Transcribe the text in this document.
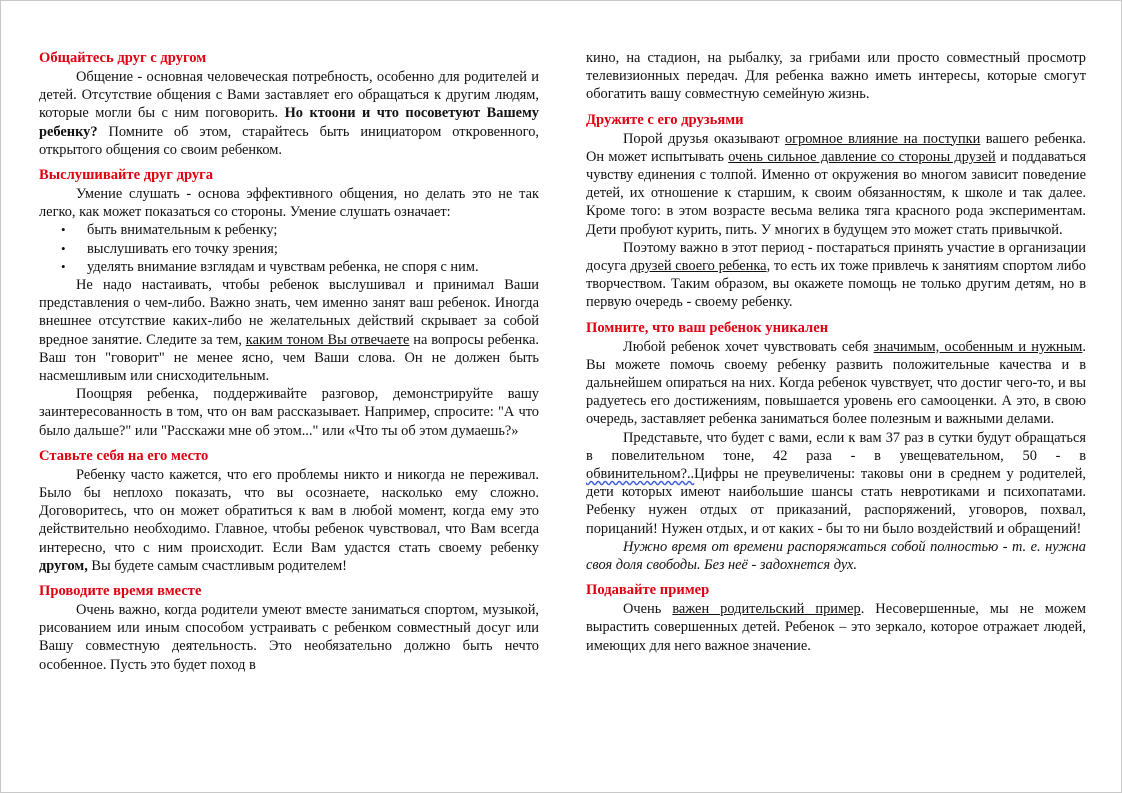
Общайтесь друг с другом

Общение - основная человеческая потребность, особенно для родителей и детей. Отсутствие общения с Вами заставляет его обращаться к другим людям, которые могли бы с ним поговорить. Но ктоони и что посоветуют Вашему ребенку? Помните об этом, старайтесь быть инициатором откровенного, открытого общения со своим ребенком.

Выслушивайте друг друга

Умение слушать - основа эффективного общения, но делать это не так легко, как может показаться со стороны. Умение слушать означает:

• быть внимательным к ребенку;
• выслушивать его точку зрения;
• уделять внимание взглядам и чувствам ребенка, не споря с ним.

Не надо настаивать, чтобы ребенок выслушивал и принимал Ваши представления о чем-либо. Важно знать, чем именно занят ваш ребенок. Иногда внешнее отсутствие каких-либо не желательных действий скрывает за собой вредное занятие. Следите за тем, каким тоном Вы отвечаете на вопросы ребенка. Ваш тон "говорит" не менее ясно, чем Ваши слова. Он не должен быть насмешливым или снисходительным.

Поощряя ребенка, поддерживайте разговор, демонстрируйте вашу заинтересованность в том, что он вам рассказывает. Например, спросите: "А что было дальше?" или "Расскажи мне об этом..." или «Что ты об этом думаешь?»

Ставьте себя на его место

Ребенку часто кажется, что его проблемы никто и никогда не переживал. Было бы неплохо показать, что вы осознаете, насколько ему сложно. Договоритесь, что он может обратиться к вам в любой момент, когда ему это действительно необходимо. Главное, чтобы ребенок чувствовал, что Вам всегда интересно, что с ним происходит. Если Вам удастся стать своему ребенку другом, Вы будете самым счастливым родителем!

Проводите время вместе

Очень важно, когда родители умеют вместе заниматься спортом, музыкой, рисованием или иным способом устраивать с ребенком совместный досуг или Вашу совместную деятельность. Это необязательно должно быть нечто особенное. Пусть это будет поход в

кино, на стадион, на рыбалку, за грибами или просто совместный просмотр телевизионных передач. Для ребенка важно иметь интересы, которые смогут обогатить вашу совместную семейную жизнь.

Дружите с его друзьями

Порой друзья оказывают огромное влияние на поступки вашего ребенка. Он может испытывать очень сильное давление со стороны друзей и поддаваться чувству единения с толпой. Именно от окружения во многом зависит поведение детей, их отношение к старшим, к своим обязанностям, к школе и так далее. Кроме того: в этом возрасте весьма велика тяга красного рода экспериментам. Дети пробуют курить, пить. У многих в будущем это может стать привычкой.

Поэтому важно в этот период - постараться принять участие в организации досуга друзей своего ребенка, то есть их тоже привлечь к занятиям спортом либо творчеством. Таким образом, вы окажете помощь не только другим детям, но в первую очередь - своему ребенку.

Помните, что ваш ребенок уникален

Любой ребенок хочет чувствовать себя значимым, особенным и нужным. Вы можете помочь своему ребенку развить положительные качества и в дальнейшем опираться на них. Когда ребенок чувствует, что достиг чего-то, и вы радуетесь его достижениям, повышается уровень его самооценки. А это, в свою очередь, заставляет ребенка заниматься более полезным и важными делами.

Представьте, что будет с вами, если к вам 37 раз в сутки будут обращаться в повелительном тоне, 42 раза - в увещевательном, 50 - в обвинительном?..Цифры не преувеличены: таковы они в среднем у родителей, дети которых имеют наибольшие шансы стать невротиками и психопатами. Ребенку нужен отдых от приказаний, распоряжений, уговоров, похвал, порицаний! Нужен отдых, и от каких - бы то ни было воздействий и обращений!

Нужно время от времени распоряжаться собой полностью - т. е. нужна своя доля свободы. Без неё - задохнется дух.

Подавайте пример

Очень важен родительский пример. Несовершенные, мы не можем вырастить совершенных детей. Ребенок – это зеркало, которое отражает людей, имеющих для него важное значение.
